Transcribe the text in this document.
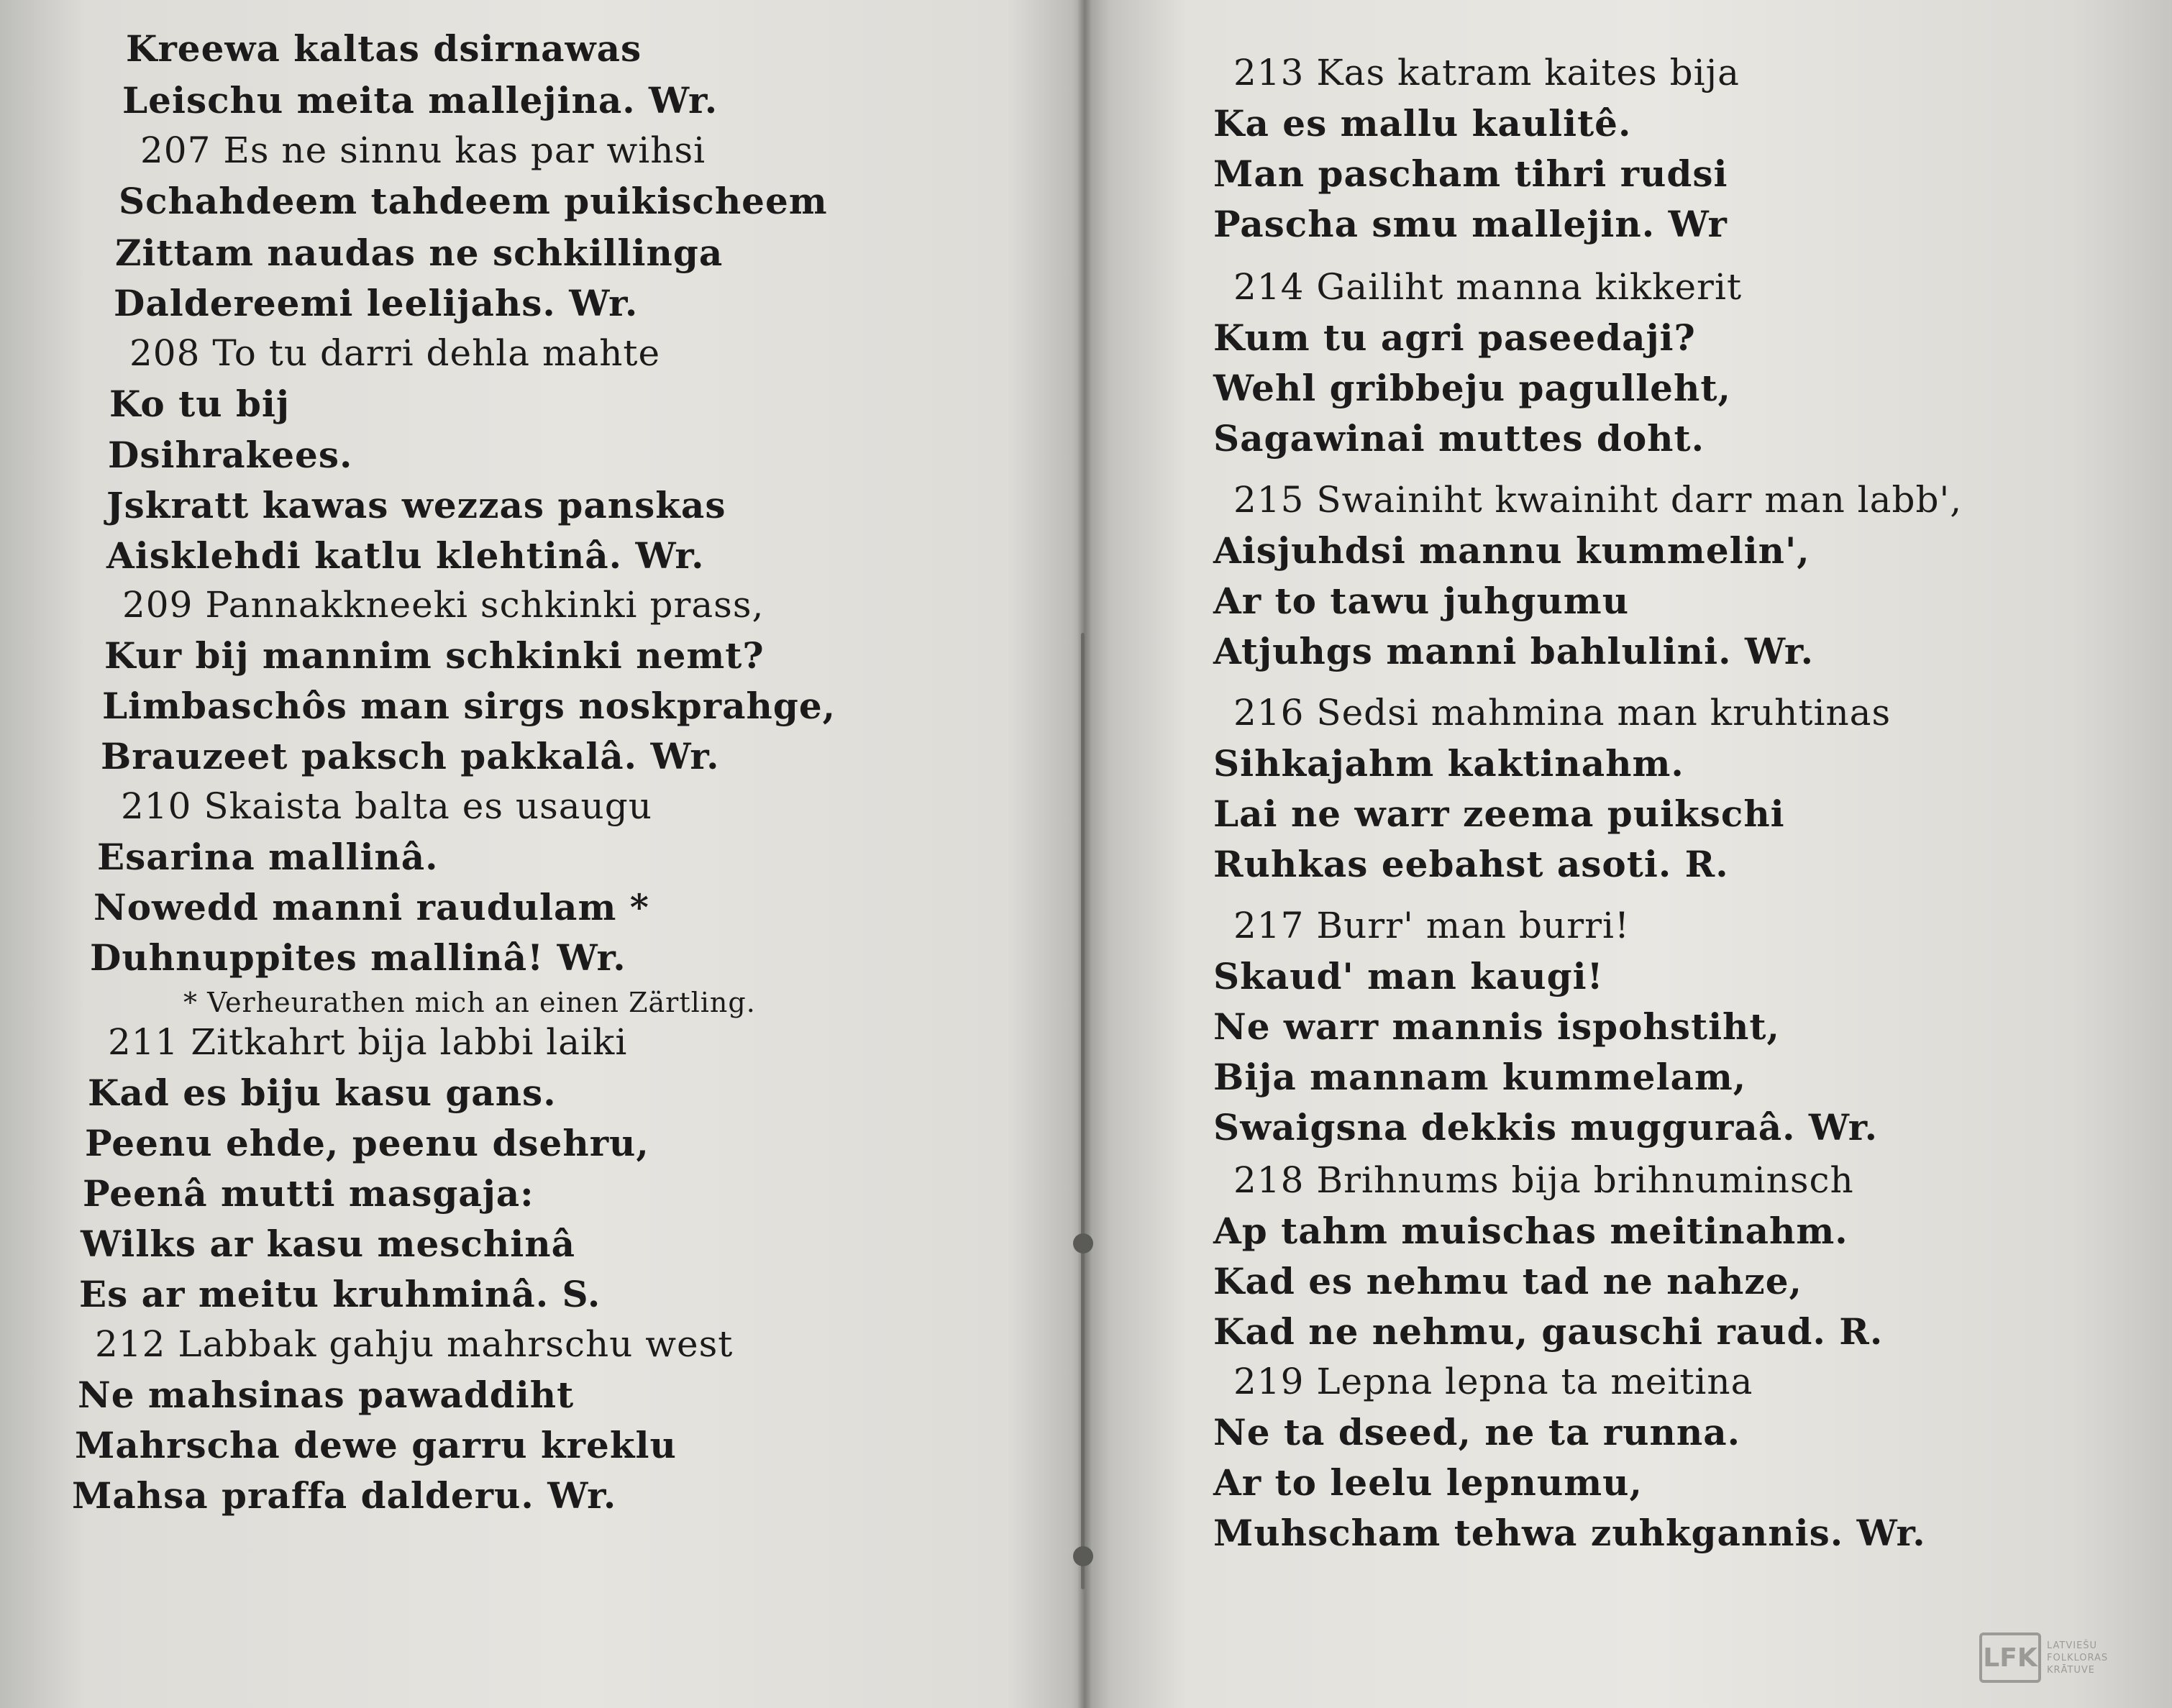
Kreewa kaltas dsirnawas
Leischu meita mallejina. Wr.
207 Es ne sinnu kas par wihsi
Schahdeem tahdeem puikischeem
Zittam naudas ne schkillinga
Daldereemi leelijahs. Wr.
208 To tu darri dehla mahte
Ko tu bij
Dsihrakees.
Jskratt kawas wezzas panskas
Aisklehdi katlu klehtinâ. Wr.
209 Pannakkneeki schkinki prass,
Kur bij mannim schkinki nemt?
Limbaschôs man sirgs noskprahge,
Brauzeet paksch pakkalâ. Wr.
210 Skaista balta es usaugu
Esarina mallinâ.
Nowedd manni raudulam *
Duhnuppites mallinâ! Wr.
* Verheurathen mich an einen Zärtling.
211 Zitkahrt bija labbi laiki
Kad es biju kasu gans.
Peenu ehde, peenu dsehru,
Peenâ mutti masgaja:
Wilks ar kasu meschinâ
Es ar meitu kruhminâ. S.
212 Labbak gahju mahrschu west
Ne mahsinas pawaddiht
Mahrscha dewe garru kreklu
Mahsa praffa dalderu. Wr.
213 Kas katram kaites bija
Ka es mallu kaulitê.
Man pascham tihri rudsi
Pascha smu mallejin. Wr
214 Gailiht manna kikkerit
Kum tu agri paseedaji?
Wehl gribbeju pagulleht,
Sagawinai muttes doht.
215 Swainiht kwainiht darr man labb',
Aisjuhdsi mannu kummelin',
Ar to tawu juhgumu
Atjuhgs manni bahlulini. Wr.
216 Sedsi mahmina man kruhtinas
Sihkajahm kaktinahm.
Lai ne warr zeema puikschi
Ruhkas eebahst asoti. R.
217 Burr' man burri!
Skaud' man kaugi!
Ne warr mannis ispohstiht,
Bija mannam kummelam,
Swaigsna dekkis mugguraâ. Wr.
218 Brihnums bija brihnuminsch
Ap tahm muischas meitinahm.
Kad es nehmu tad ne nahze,
Kad ne nehmu, gauschi raud. R.
219 Lepna lepna ta meitina
Ne ta dseed, ne ta runna.
Ar to leelu lepnumu,
Muhscham tehwa zuhkgannis. Wr.
LFK	LATVIEŠU
FOLKLORAS
KRĀTUVE
